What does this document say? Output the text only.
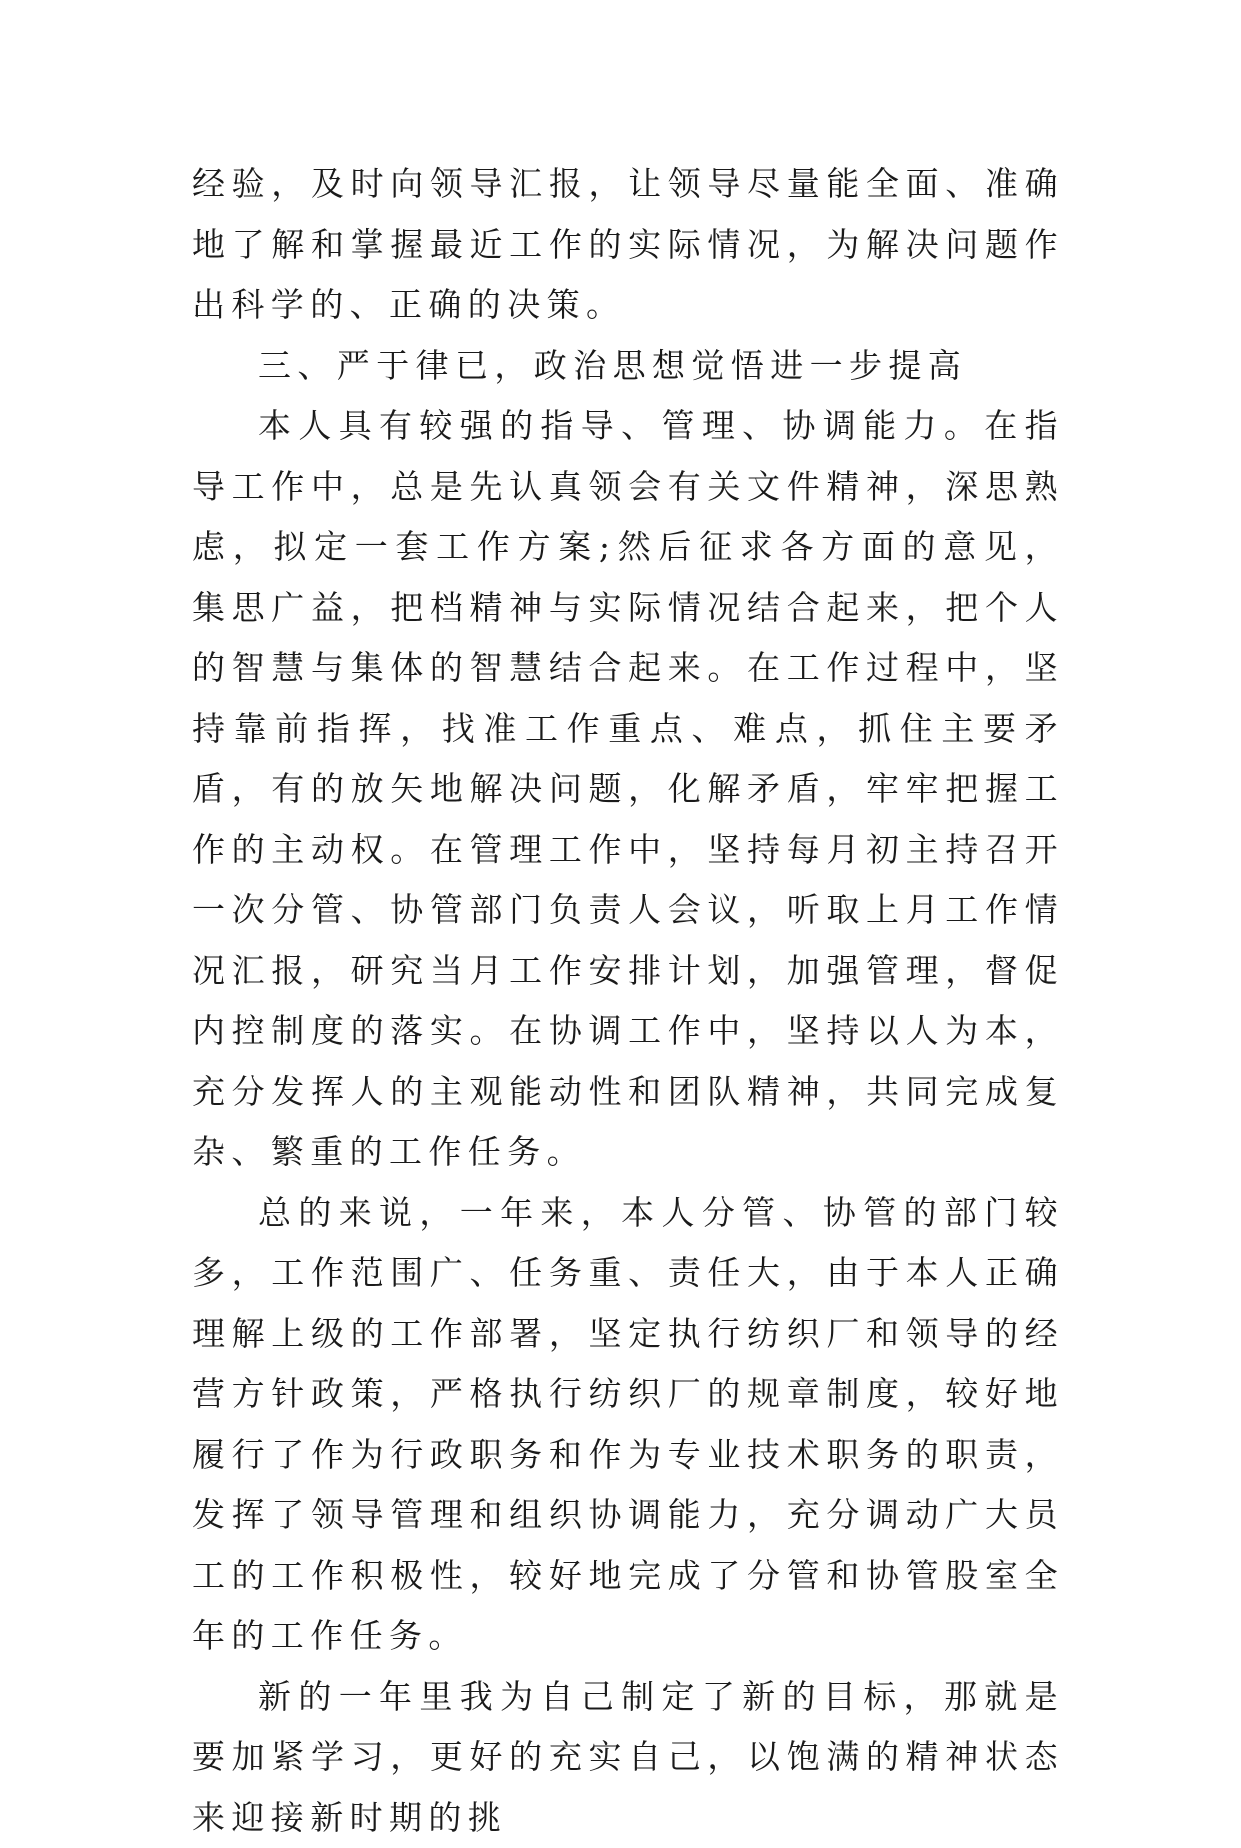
经验，及时向领导汇报，让领导尽量能全面、准确地了解和掌握最近工作的实际情况，为解决问题作出科学的、正确的决策。

三、严于律已，政治思想觉悟进一步提高

本人具有较强的指导、管理、协调能力。在指导工作中，总是先认真领会有关文件精神，深思熟虑，拟定一套工作方案;然后征求各方面的意见，集思广益，把档精神与实际情况结合起来，把个人的智慧与集体的智慧结合起来。在工作过程中，坚持靠前指挥，找准工作重点、难点，抓住主要矛盾，有的放矢地解决问题，化解矛盾，牢牢把握工作的主动权。在管理工作中，坚持每月初主持召开一次分管、协管部门负责人会议，听取上月工作情况汇报，研究当月工作安排计划，加强管理，督促内控制度的落实。在协调工作中，坚持以人为本，充分发挥人的主观能动性和团队精神，共同完成复杂、繁重的工作任务。

总的来说，一年来，本人分管、协管的部门较多，工作范围广、任务重、责任大，由于本人正确理解上级的工作部署，坚定执行纺织厂和领导的经营方针政策，严格执行纺织厂的规章制度，较好地履行了作为行政职务和作为专业技术职务的职责，发挥了领导管理和组织协调能力，充分调动广大员工的工作积极性，较好地完成了分管和协管股室全年的工作任务。

新的一年里我为自己制定了新的目标，那就是要加紧学习，更好的充实自己，以饱满的精神状态来迎接新时期的挑
